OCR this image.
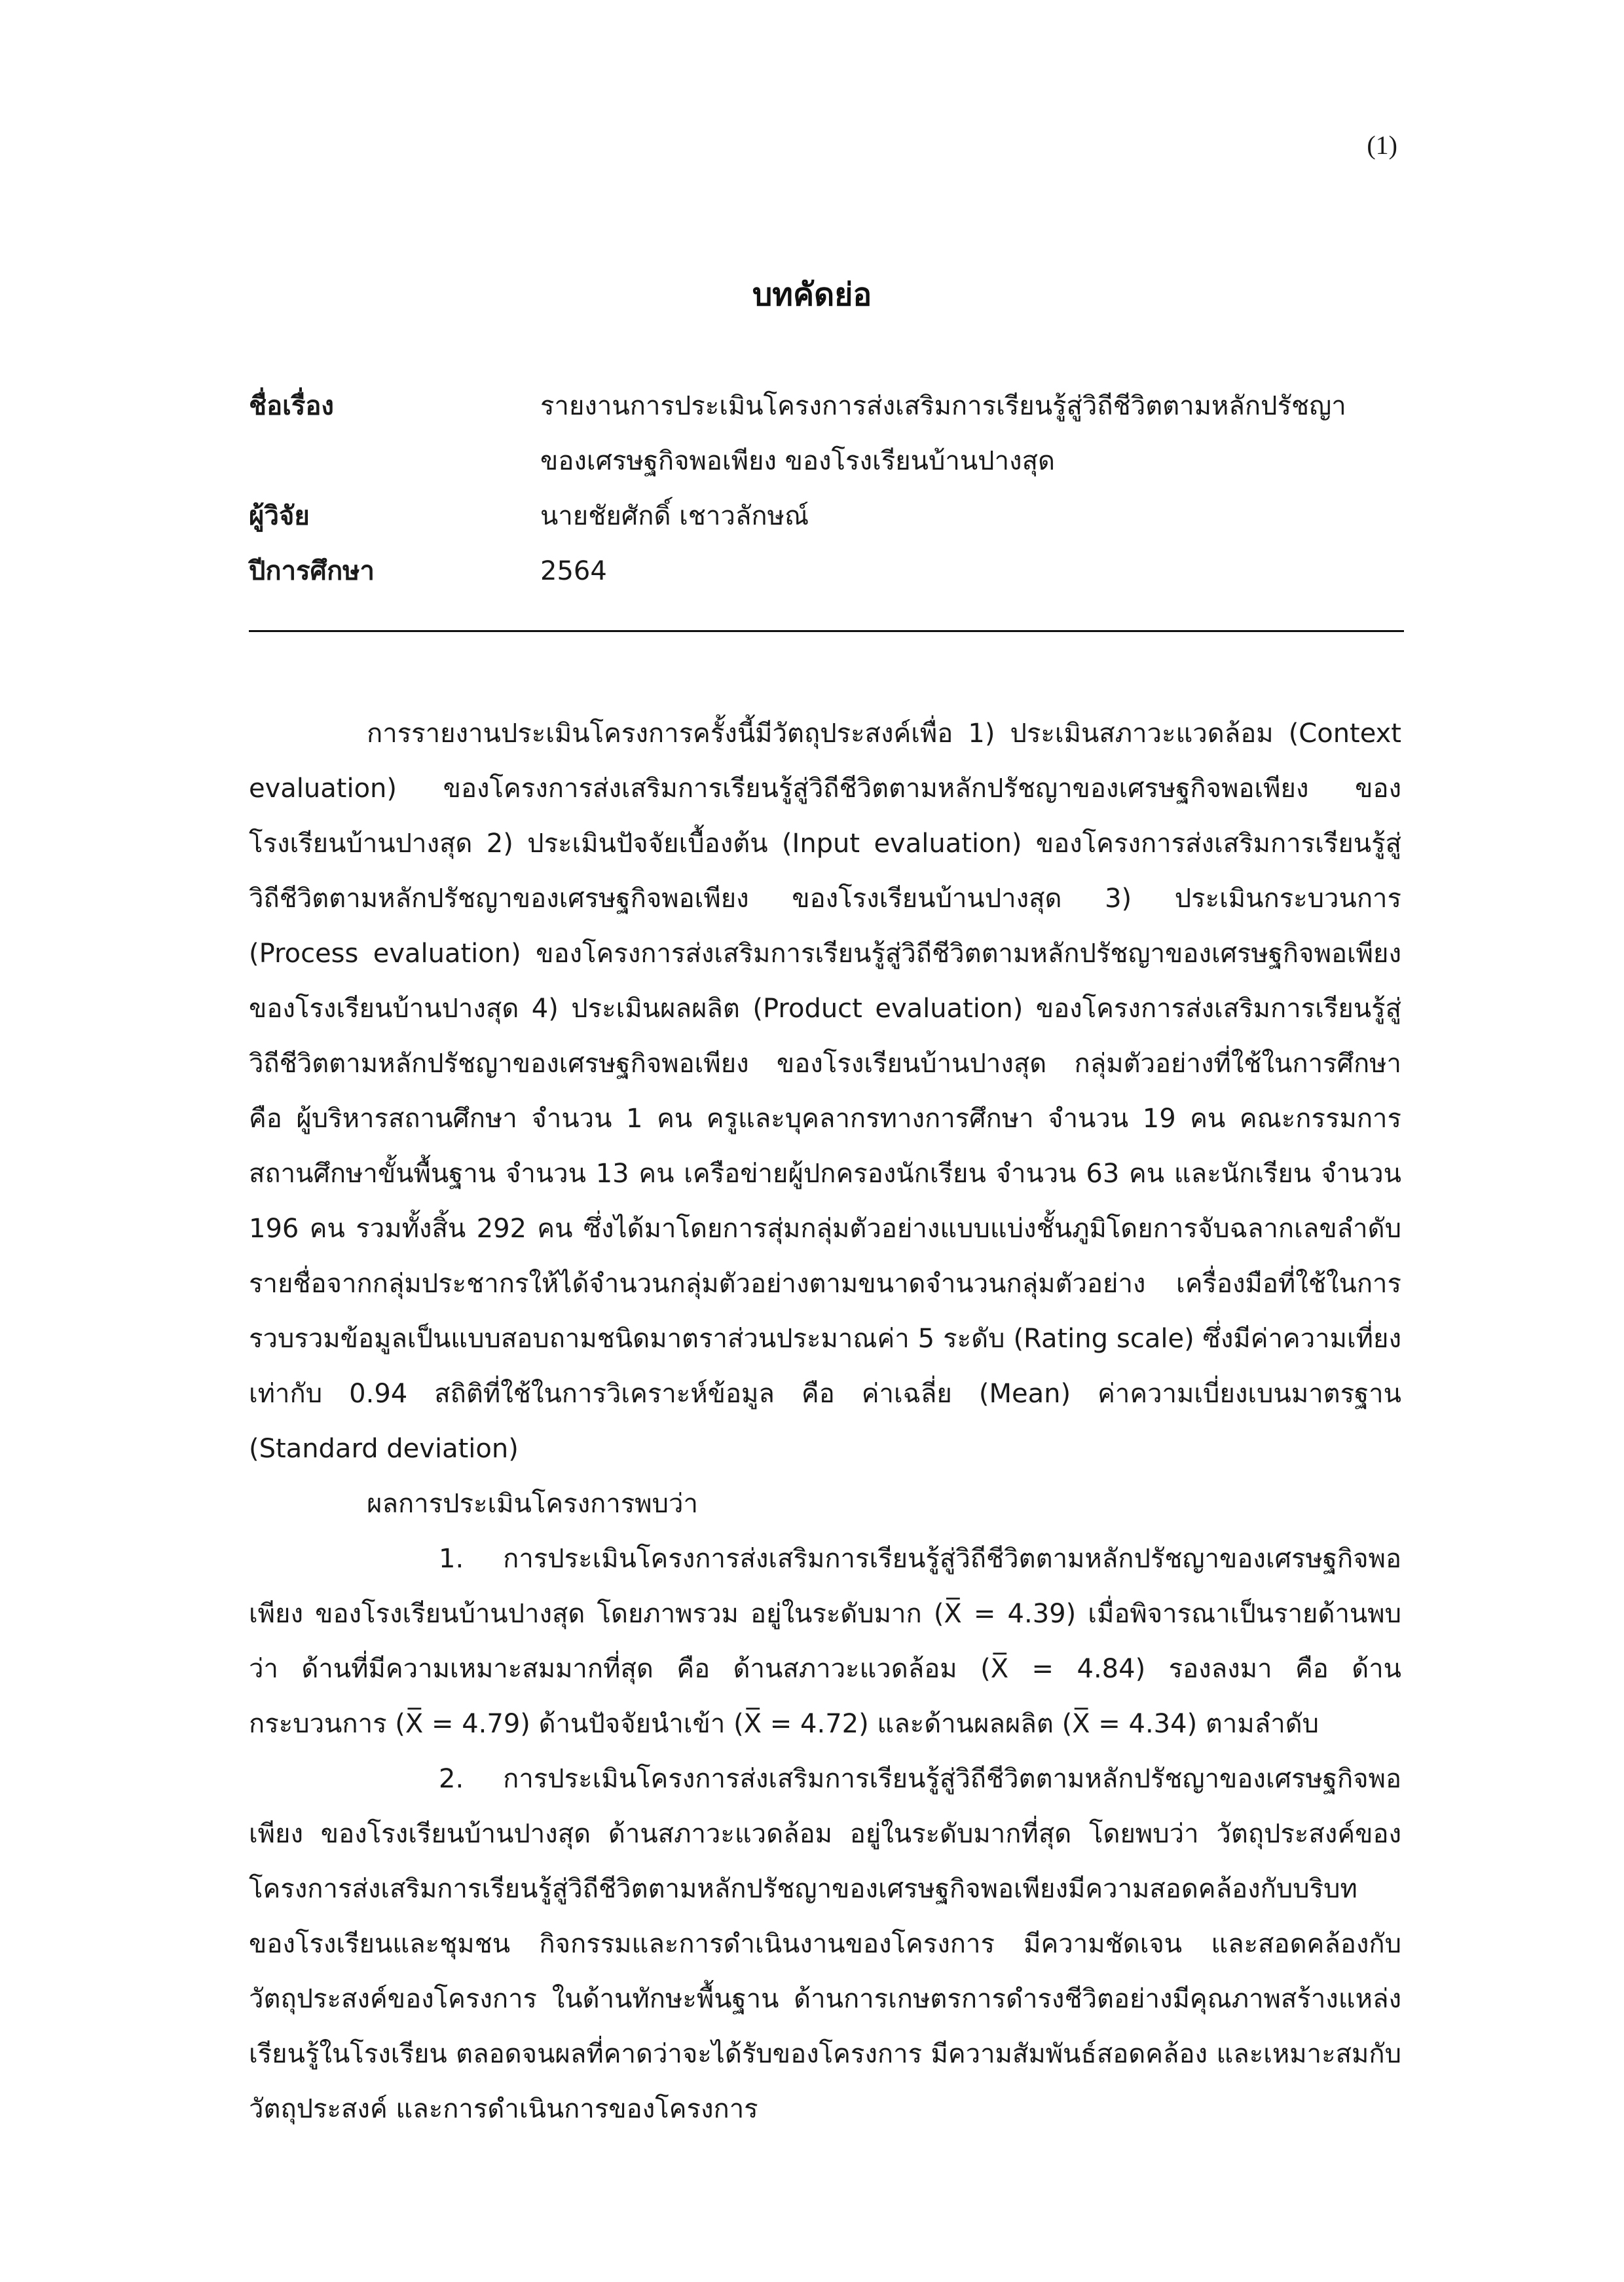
(1)
บทคัดย่อ
ชื่อเรื่อง	รายงานการประเมินโครงการส่งเสริมการเรียนรู้สู่วิถีชีวิตตามหลักปรัชญา
ของเศรษฐกิจพอเพียง ของโรงเรียนบ้านปางสุด
ผู้วิจัย	นายชัยศักดิ์ เชาวลักษณ์
ปีการศึกษา	2564

การรายงานประเมินโครงการครั้งนี้มีวัตถุประสงค์เพื่อ 1) ประเมินสภาวะแวดล้อม (Context evaluation) ของโครงการส่งเสริมการเรียนรู้สู่วิถีชีวิตตามหลักปรัชญาของเศรษฐกิจพอเพียง ของโรงเรียนบ้านปางสุด 2) ประเมินปัจจัยเบื้องต้น (Input evaluation) ของโครงการส่งเสริมการเรียนรู้สู่วิถีชีวิตตามหลักปรัชญาของเศรษฐกิจพอเพียง ของโรงเรียนบ้านปางสุด 3) ประเมินกระบวนการ (Process evaluation) ของโครงการส่งเสริมการเรียนรู้สู่วิถีชีวิตตามหลักปรัชญาของเศรษฐกิจพอเพียงของโรงเรียนบ้านปางสุด 4) ประเมินผลผลิต (Product evaluation) ของโครงการส่งเสริมการเรียนรู้สู่วิถีชีวิตตามหลักปรัชญาของเศรษฐกิจพอเพียง ของโรงเรียนบ้านปางสุด กลุ่มตัวอย่างที่ใช้ในการศึกษา คือ ผู้บริหารสถานศึกษา จำนวน 1 คน ครูและบุคลากรทางการศึกษา จำนวน 19 คน คณะกรรมการสถานศึกษาขั้นพื้นฐาน จำนวน 13 คน เครือข่ายผู้ปกครองนักเรียน จำนวน 63 คน และนักเรียน จำนวน 196 คน รวมทั้งสิ้น 292 คน ซึ่งได้มาโดยการสุ่มกลุ่มตัวอย่างแบบแบ่งชั้นภูมิโดยการจับฉลากเลขลำดับรายชื่อจากกลุ่มประชากรให้ได้จำนวนกลุ่มตัวอย่างตามขนาดจำนวนกลุ่มตัวอย่าง เครื่องมือที่ใช้ในการรวบรวมข้อมูลเป็นแบบสอบถามชนิดมาตราส่วนประมาณค่า 5 ระดับ (Rating scale) ซึ่งมีค่าความเที่ยงเท่ากับ 0.94 สถิติที่ใช้ในการวิเคราะห์ข้อมูล คือ ค่าเฉลี่ย (Mean) ค่าความเบี่ยงเบนมาตรฐาน (Standard deviation)

ผลการประเมินโครงการพบว่า

1. การประเมินโครงการส่งเสริมการเรียนรู้สู่วิถีชีวิตตามหลักปรัชญาของเศรษฐกิจพอเพียง ของโรงเรียนบ้านปางสุด โดยภาพรวม อยู่ในระดับมาก (X̅ = 4.39) เมื่อพิจารณาเป็นรายด้านพบว่า ด้านที่มีความเหมาะสมมากที่สุด คือ ด้านสภาวะแวดล้อม (X̅ = 4.84) รองลงมา คือ ด้านกระบวนการ (X̅ = 4.79) ด้านปัจจัยนำเข้า (X̅ = 4.72) และด้านผลผลิต (X̅ = 4.34) ตามลำดับ

2. การประเมินโครงการส่งเสริมการเรียนรู้สู่วิถีชีวิตตามหลักปรัชญาของเศรษฐกิจพอเพียง ของโรงเรียนบ้านปางสุด ด้านสภาวะแวดล้อม อยู่ในระดับมากที่สุด โดยพบว่า วัตถุประสงค์ของโครงการส่งเสริมการเรียนรู้สู่วิถีชีวิตตามหลักปรัชญาของเศรษฐกิจพอเพียงมีความสอดคล้องกับบริบทของโรงเรียนและชุมชน กิจกรรมและการดำเนินงานของโครงการ มีความชัดเจน และสอดคล้องกับวัตถุประสงค์ของโครงการ ในด้านทักษะพื้นฐาน ด้านการเกษตรการดำรงชีวิตอย่างมีคุณภาพสร้างแหล่งเรียนรู้ในโรงเรียน ตลอดจนผลที่คาดว่าจะได้รับของโครงการ มีความสัมพันธ์สอดคล้อง และเหมาะสมกับวัตถุประสงค์ และการดำเนินการของโครงการ
